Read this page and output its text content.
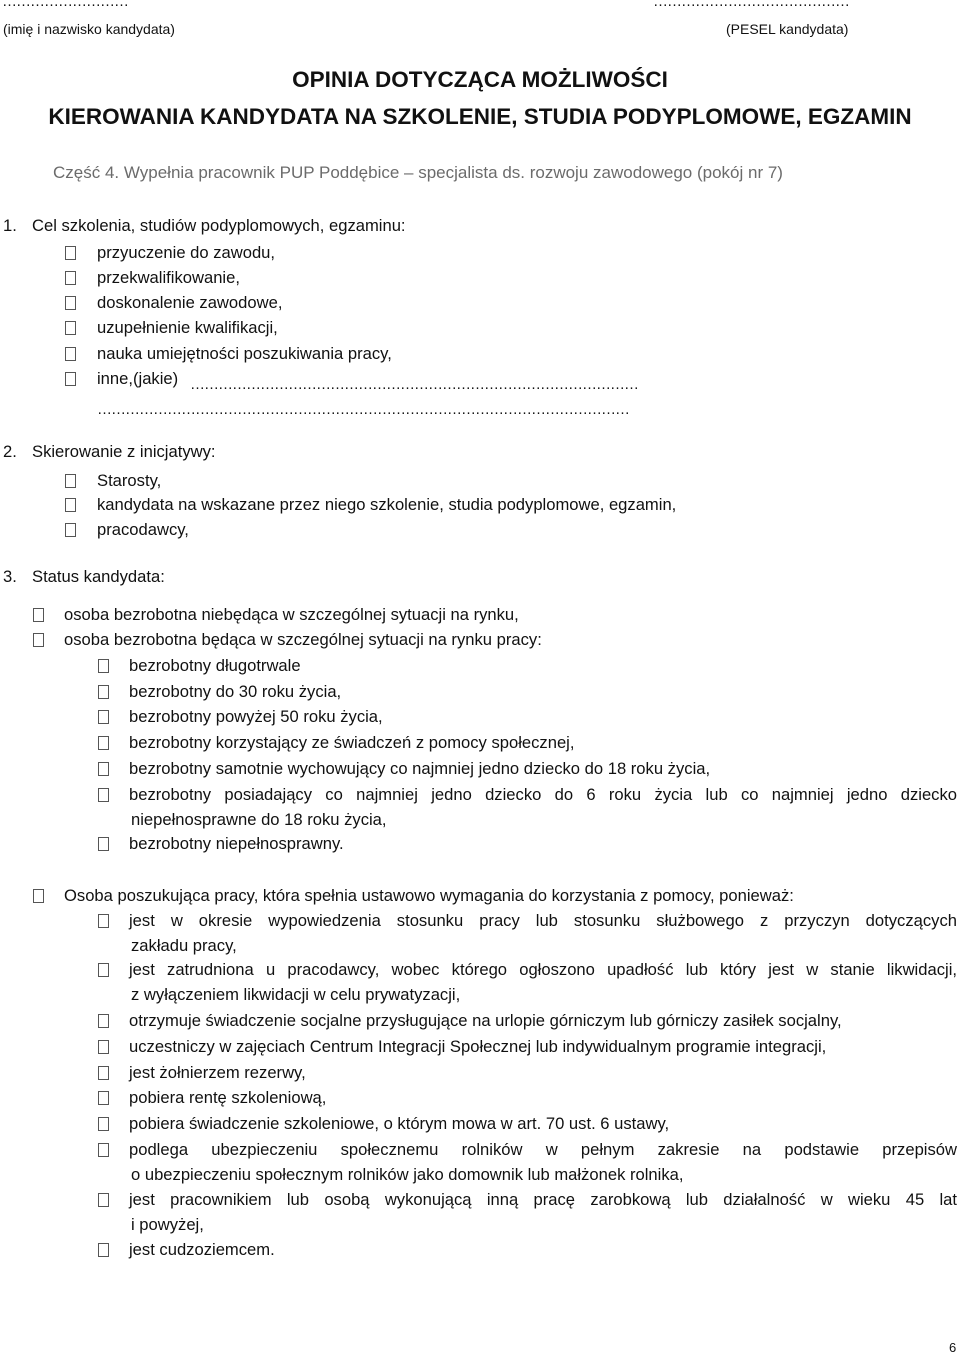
………………………	……………………………………
(imię i nazwisko kandydata)	(PESEL kandydata)
OPINIA DOTYCZĄCA MOŻLIWOŚCI
KIEROWANIA KANDYDATA NA SZKOLENIE, STUDIA PODYPLOMOWE, EGZAMIN
Część 4. Wypełnia pracownik PUP Poddębice – specjalista ds. rozwoju zawodowego (pokój nr 7)
1. Cel szkolenia, studiów podyplomowych, egzaminu:
przyuczenie do zawodu,
przekwalifikowanie,
doskonalenie zawodowe,
uzupełnienie kwalifikacji,
nauka umiejętności poszukiwania pracy,
inne,(jakie) ……………………………………………………………………………………
……………………………………………………………………………………………………
2. Skierowanie z inicjatywy:
Starosty,
kandydata na wskazane przez niego szkolenie, studia podyplomowe, egzamin,
pracodawcy,
3. Status kandydata:
osoba bezrobotna niebędąca w szczególnej sytuacji na rynku,
osoba bezrobotna będąca w szczególnej sytuacji na rynku pracy:
bezrobotny długotrwale
bezrobotny do 30 roku życia,
bezrobotny powyżej 50 roku życia,
bezrobotny korzystający ze świadczeń z pomocy społecznej,
bezrobotny samotnie wychowujący co najmniej jedno dziecko do 18 roku życia,
bezrobotny posiadający co najmniej jedno dziecko do 6 roku życia lub co najmniej jedno dziecko
niepełnosprawne do 18 roku życia,
bezrobotny niepełnosprawny.
Osoba poszukująca pracy, która spełnia ustawowo wymagania do korzystania z pomocy, ponieważ:
jest w okresie wypowiedzenia stosunku pracy lub stosunku służbowego z przyczyn dotyczących
zakładu pracy,
jest zatrudniona u pracodawcy, wobec którego ogłoszono upadłość lub który jest w stanie likwidacji,
z wyłączeniem likwidacji w celu prywatyzacji,
otrzymuje świadczenie socjalne przysługujące na urlopie górniczym lub górniczy zasiłek socjalny,
uczestniczy w zajęciach Centrum Integracji Społecznej lub indywidualnym programie integracji,
jest żołnierzem rezerwy,
pobiera rentę szkoleniową,
pobiera świadczenie szkoleniowe, o którym mowa w art. 70 ust. 6 ustawy,
podlega ubezpieczeniu społecznemu rolników w pełnym zakresie na podstawie przepisów
o ubezpieczeniu społecznym rolników jako domownik lub małżonek rolnika,
jest pracownikiem lub osobą wykonującą inną pracę zarobkową lub działalność w wieku 45 lat
i powyżej,
jest cudzoziemcem.
6
